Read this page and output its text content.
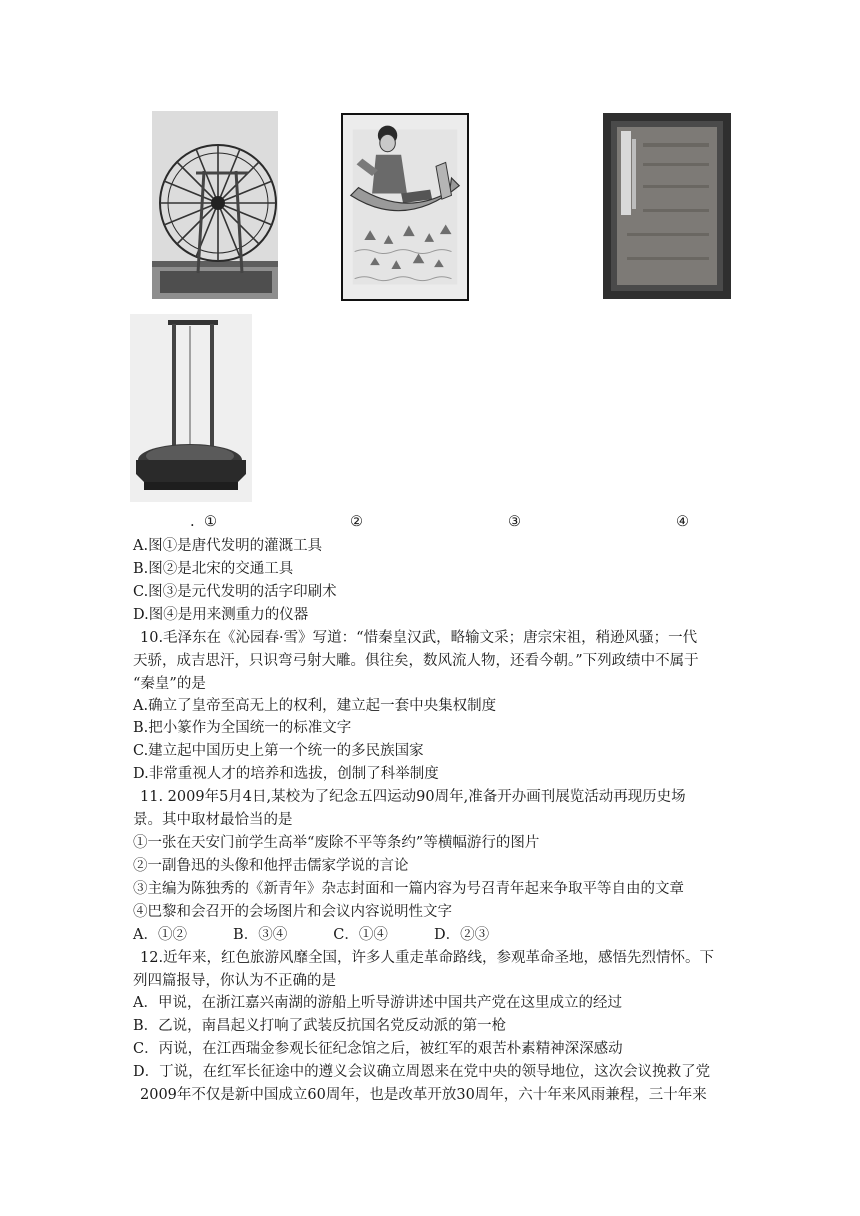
. ①	②	③	④
A.图①是唐代发明的灌溉工具
B.图②是北宋的交通工具
C.图③是元代发明的活字印刷术
D.图④是用来测重力的仪器
10.毛泽东在《沁园春·雪》写道：“惜秦皇汉武，略输文采；唐宗宋祖，稍逊风骚；一代
天骄，成吉思汗，只识弯弓射大雕。俱往矣，数风流人物，还看今朝。”下列政绩中不属于
“秦皇”的是
A.确立了皇帝至高无上的权利，建立起一套中央集权制度
B.把小篆作为全国统一的标准文字
C.建立起中国历史上第一个统一的多民族国家
D.非常重视人才的培养和选拔，创制了科举制度
11. 2009年5月4日,某校为了纪念五四运动90周年,准备开办画刊展览活动再现历史场
景。其中取材最恰当的是
①一张在天安门前学生高举“废除不平等条约”等横幅游行的图片
②一副鲁迅的头像和他抨击儒家学说的言论
③主编为陈独秀的《新青年》杂志封面和一篇内容为号召青年起来争取平等自由的文章
④巴黎和会召开的会场图片和会议内容说明性文字
A．①②          B．③④          C．①④          D．②③
12.近年来，红色旅游风靡全国，许多人重走革命路线，参观革命圣地，感悟先烈情怀。下
列四篇报导，你认为不正确的是
A．甲说，在浙江嘉兴南湖的游船上听导游讲述中国共产党在这里成立的经过
B．乙说，南昌起义打响了武装反抗国名党反动派的第一枪
C．丙说，在江西瑞金参观长征纪念馆之后，被红军的艰苦朴素精神深深感动
D．丁说，在红军长征途中的遵义会议确立周恩来在党中央的领导地位，这次会议挽救了党
2009年不仅是新中国成立60周年，也是改革开放30周年，六十年来风雨兼程，三十年来
